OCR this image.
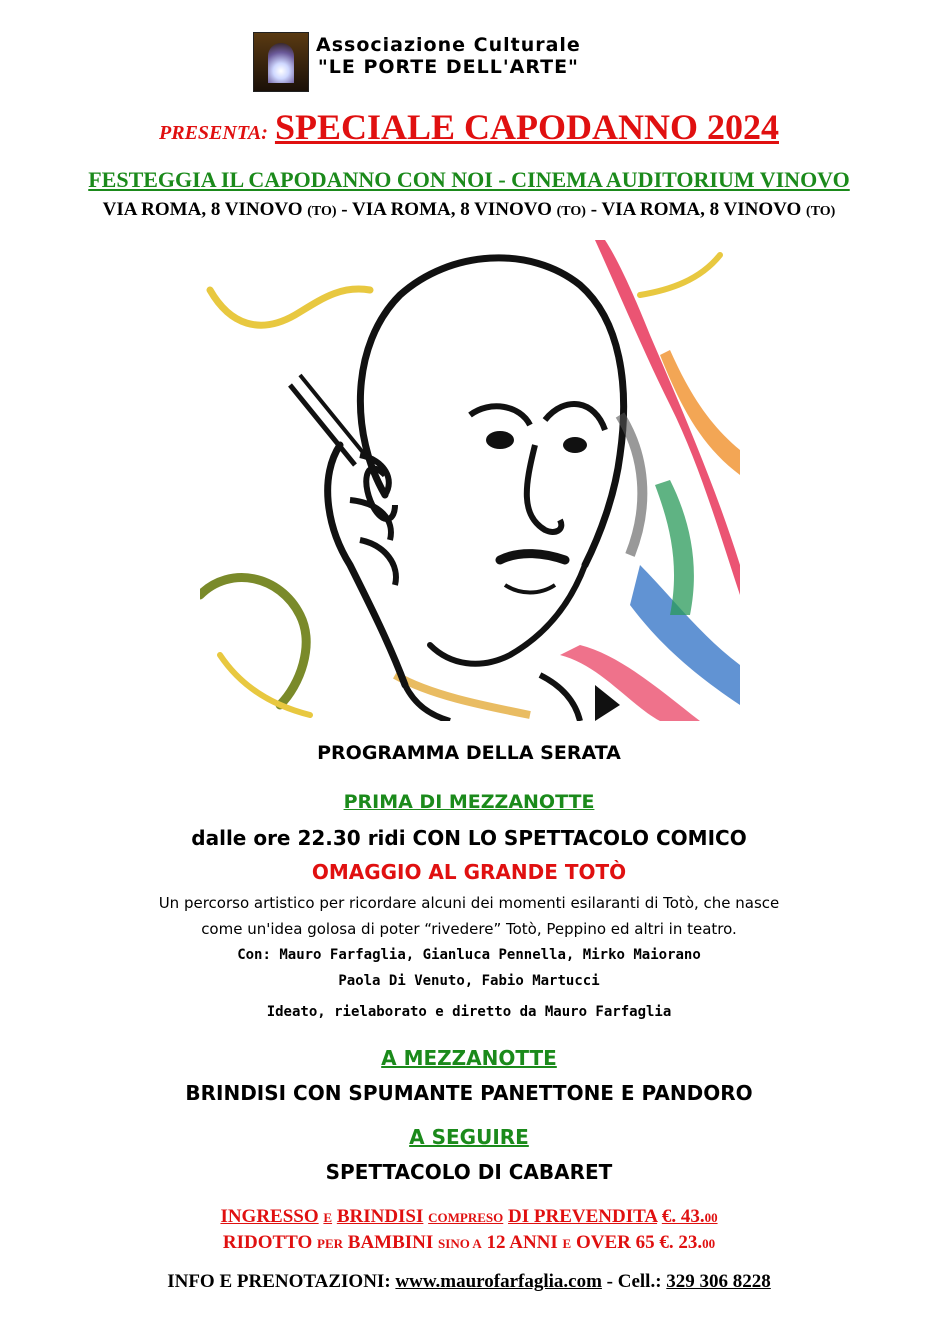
Associazione Culturale
"LE PORTE DELL'ARTE"
PRESENTA: SPECIALE CAPODANNO 2024
FESTEGGIA IL CAPODANNO CON NOI - CINEMA AUDITORIUM VINOVO
VIA ROMA, 8 VINOVO (TO) - VIA ROMA, 8 VINOVO (TO) - VIA ROMA, 8 VINOVO (TO)
PROGRAMMA DELLA SERATA
PRIMA DI MEZZANOTTE
dalle ore 22.30 ridi CON LO SPETTACOLO COMICO
OMAGGIO AL GRANDE TOTÒ
Un percorso artistico per ricordare alcuni dei momenti esilaranti di Totò, che nasce
come un'idea golosa di poter “rivedere” Totò, Peppino ed altri in teatro.
Con: Mauro Farfaglia, Gianluca Pennella, Mirko Maiorano
Paola Di Venuto, Fabio Martucci
Ideato, rielaborato e diretto da Mauro Farfaglia
A MEZZANOTTE
BRINDISI CON SPUMANTE PANETTONE E PANDORO
A SEGUIRE
SPETTACOLO DI CABARET
INGRESSO E BRINDISI COMPRESO DI PREVENDITA €. 43.00
RIDOTTO PER BAMBINI SINO A 12 ANNI E OVER 65 €. 23.00
INFO E PRENOTAZIONI: www.maurofarfaglia.com - Cell.: 329 306 8228
